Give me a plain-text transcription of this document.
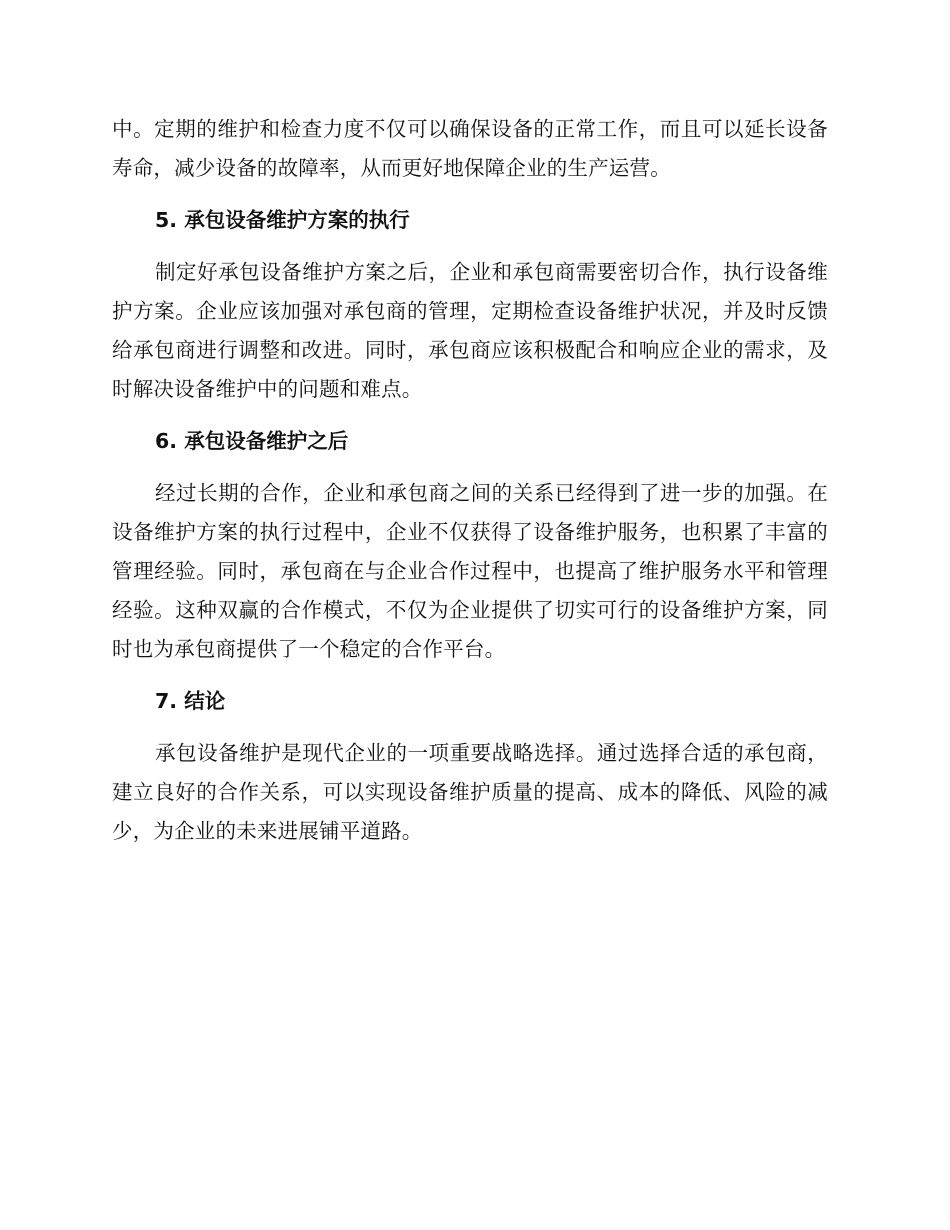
中。定期的维护和检查力度不仅可以确保设备的正常工作，而且可以延长设备寿命，减少设备的故障率，从而更好地保障企业的生产运营。

5. 承包设备维护方案的执行

制定好承包设备维护方案之后，企业和承包商需要密切合作，执行设备维护方案。企业应该加强对承包商的管理，定期检查设备维护状况，并及时反馈给承包商进行调整和改进。同时，承包商应该积极配合和响应企业的需求，及时解决设备维护中的问题和难点。

6. 承包设备维护之后

经过长期的合作，企业和承包商之间的关系已经得到了进一步的加强。在设备维护方案的执行过程中，企业不仅获得了设备维护服务，也积累了丰富的管理经验。同时，承包商在与企业合作过程中，也提高了维护服务水平和管理经验。这种双赢的合作模式，不仅为企业提供了切实可行的设备维护方案，同时也为承包商提供了一个稳定的合作平台。

7. 结论

承包设备维护是现代企业的一项重要战略选择。通过选择合适的承包商，建立良好的合作关系，可以实现设备维护质量的提高、成本的降低、风险的减少，为企业的未来进展铺平道路。
